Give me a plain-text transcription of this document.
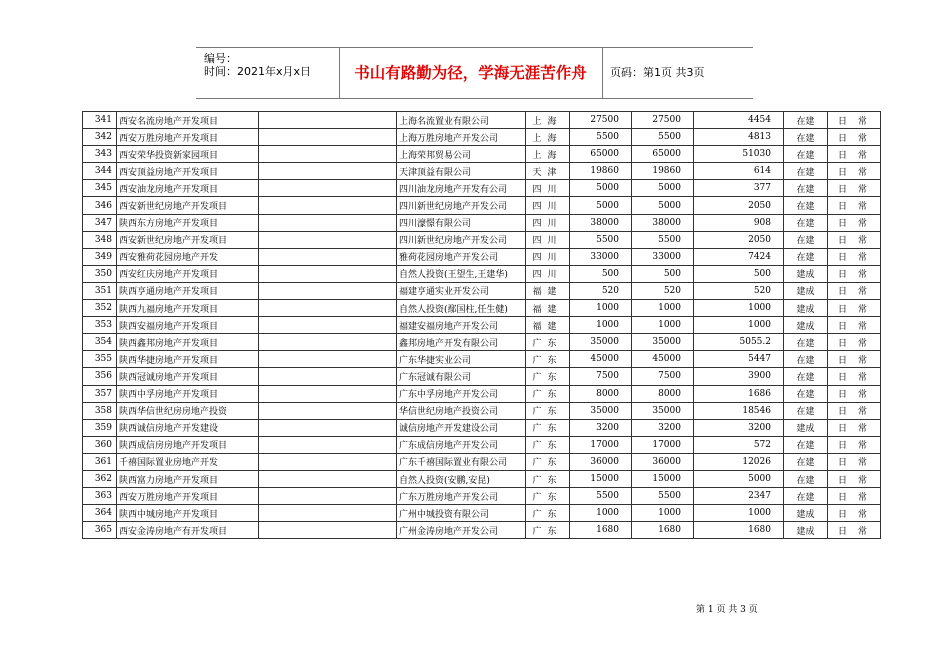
编号：
时间：2021年x月x日	书山有路勤为径，学海无涯苦作舟	页码：第1页 共3页
341	西安名流房地产开发项目		上海名流置业有限公司	上海	27500	27500	4454	在建	日常
342	西安万胜房地产开发项目		上海万胜房地产开发公司	上海	5500	5500	4813	在建	日常
343	西安荣华投资新家园项目		上海荣邦贸易公司	上海	65000	65000	51030	在建	日常
344	西安顶益房地产开发项目		天津顶益有限公司	天津	19860	19860	614	在建	日常
345	西安油龙房地产开发项目		四川油龙房地产开发有公司	四川	5000	5000	377	在建	日常
346	西安新世纪房地产开发项目		四川新世纪房地产开发公司	四川	5000	5000	2050	在建	日常
347	陕西东方房地产开发项目		四川濠憬有限公司	四川	38000	38000	908	在建	日常
348	西安新世纪房地产开发项目		四川新世纪房地产开发公司	四川	5500	5500	2050	在建	日常
349	西安雅荷花园房地产开发		雅荷花园房地产开发公司	四川	33000	33000	7424	在建	日常
350	西安红庆房地产开发项目		自然人投资(王望生,王建华)	四川	500	500	500	建成	日常
351	陕西亨通房地产开发项目		福建亨通实业开发公司	福建	520	520	520	建成	日常
352	陕西九福房地产开发项目		自然人投资(鄢国柱,任生健)	福建	1000	1000	1000	建成	日常
353	陕西安福房地产开发项目		福建安福房地产开发公司	福建	1000	1000	1000	建成	日常
354	陕西鑫邦房地产开发项目		鑫邦房地产开发有限公司	广东	35000	35000	5055.2	在建	日常
355	陕西华捷房地产开发项目		广东华捷实业公司	广东	45000	45000	5447	在建	日常
356	陕西冠诚房地产开发项目		广东冠诚有限公司	广东	7500	7500	3900	在建	日常
357	陕西中孚房地产开发项目		广东中孚房地产开发公司	广东	8000	8000	1686	在建	日常
358	陕西华信世纪房房地产投资		华信世纪房地产投资公司	广东	35000	35000	18546	在建	日常
359	陕西诚信房地产开发建设		诚信房地产开发建设公司	广东	3200	3200	3200	建成	日常
360	陕西成信房房地产开发项目		广东成信房地产开发公司	广东	17000	17000	572	在建	日常
361	千禧国际置业房地产开发		广东千禧国际置业有限公司	广东	36000	36000	12026	在建	日常
362	陕西富力房地产开发项目		自然人投资(安鹏,安昆)	广东	15000	15000	5000	在建	日常
363	西安万胜房地产开发项目		广东万胜房地产开发公司	广东	5500	5500	2347	在建	日常
364	陕西中城房地产开发项目		广州中城投资有限公司	广东	1000	1000	1000	建成	日常
365	西安金涛房地产有开发项目		广州金涛房地产开发公司	广东	1680	1680	1680	建成	日常
第 1 页 共 3 页
